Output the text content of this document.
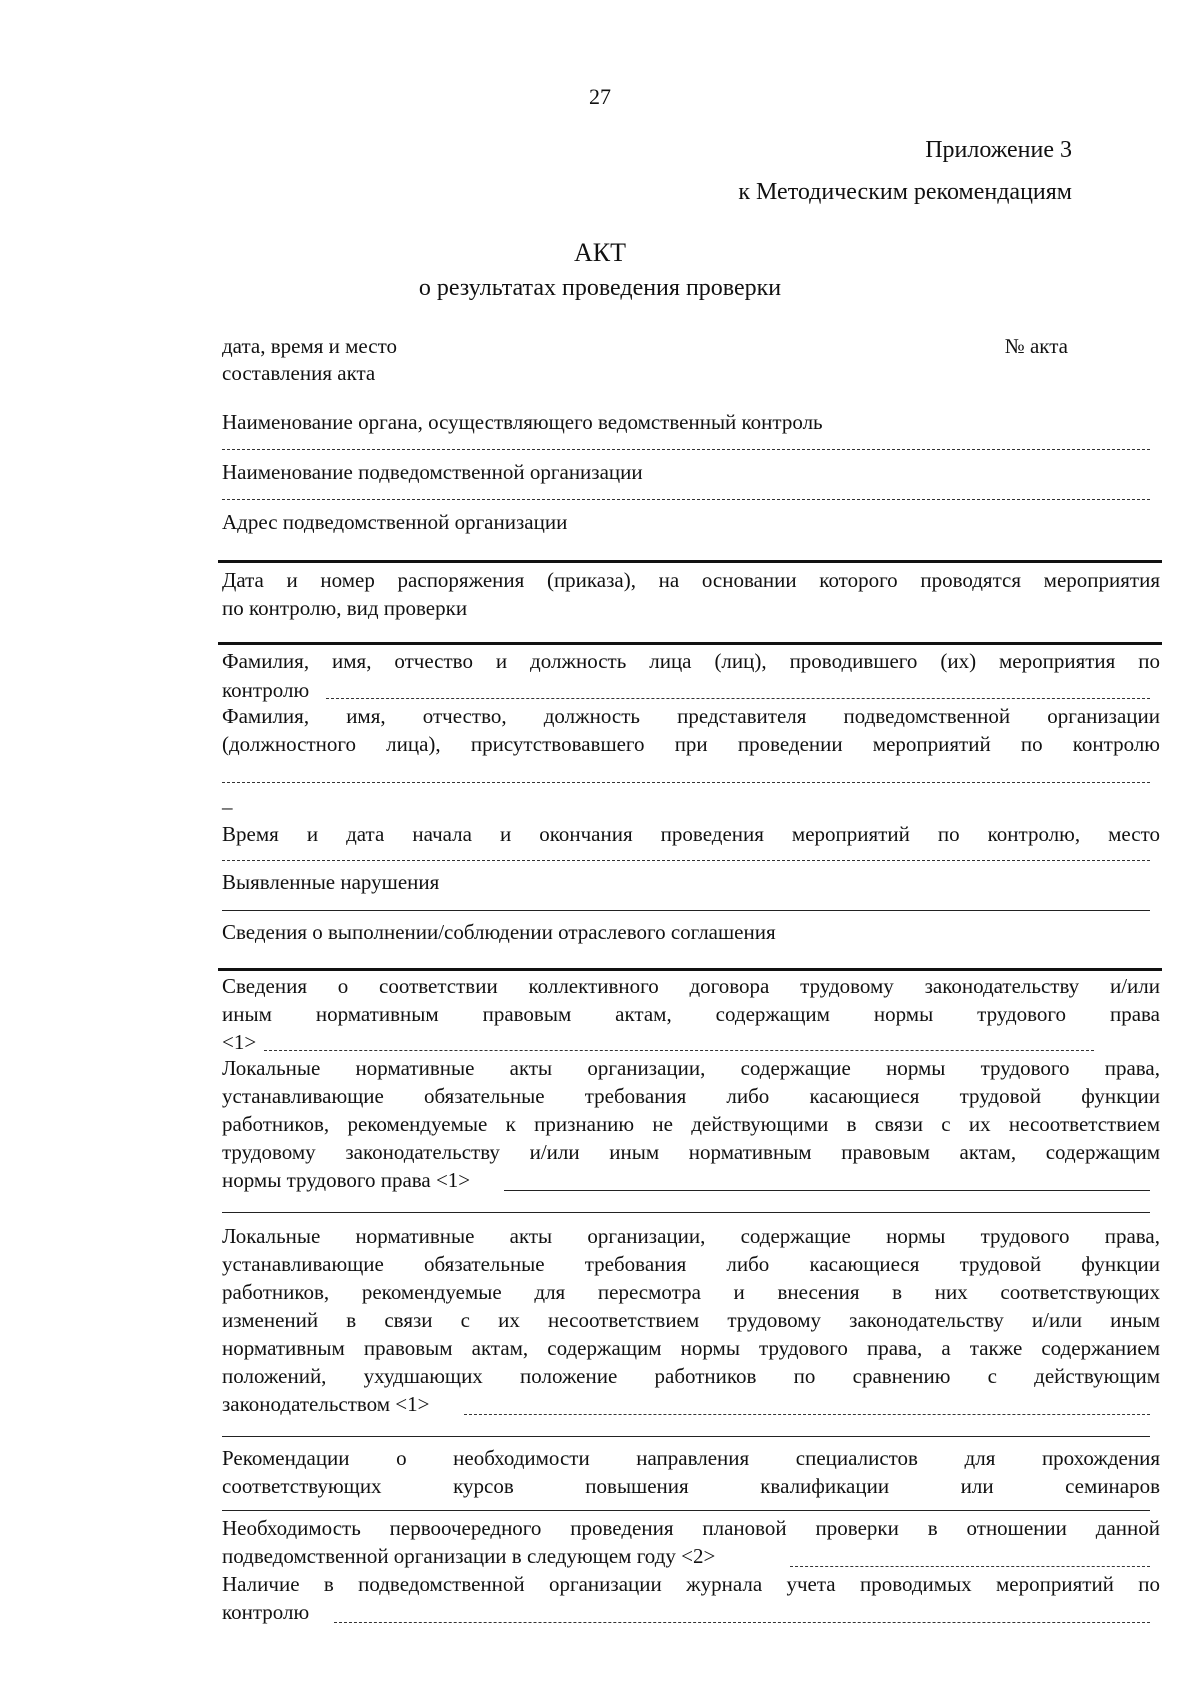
27
Приложение 3
к Методическим рекомендациям
АКТ
о результатах проведения проверки
дата, время и место
составления акта
№ акта
Наименование органа, осуществляющего ведомственный контроль
Наименование подведомственной организации
Адрес подведомственной организации
Дата и номер распоряжения (приказа), на основании которого проводятся мероприятия
по контролю, вид проверки
Фамилия, имя, отчество и должность лица (лиц), проводившего (их) мероприятия по
контролю
Фамилия, имя, отчество, должность представителя подведомственной организации
(должностного лица), присутствовавшего при проведении мероприятий по контролю
_
Время и дата начала и окончания проведения мероприятий по контролю, место
Выявленные нарушения
Сведения о выполнении/соблюдении отраслевого соглашения
Сведения о соответствии коллективного договора трудовому законодательству и/или
иным нормативным правовым актам, содержащим нормы трудового права
<1>
Локальные нормативные акты организации, содержащие нормы трудового права,
устанавливающие обязательные требования либо касающиеся трудовой функции
работников, рекомендуемые к признанию не действующими в связи с их несоответствием
трудовому законодательству и/или иным нормативным правовым актам, содержащим
нормы трудового права <1>
Локальные нормативные акты организации, содержащие нормы трудового права,
устанавливающие обязательные требования либо касающиеся трудовой функции
работников, рекомендуемые для пересмотра и внесения в них соответствующих
изменений в связи с их несоответствием трудовому законодательству и/или иным
нормативным правовым актам, содержащим нормы трудового права, а также содержанием
положений, ухудшающих положение работников по сравнению с действующим
законодательством <1>
Рекомендации о необходимости направления специалистов для прохождения
соответствующих курсов повышения квалификации или семинаров
Необходимость первоочередного проведения плановой проверки в отношении данной
подведомственной организации в следующем году <2>
Наличие в подведомственной организации журнала учета проводимых мероприятий по
контролю
